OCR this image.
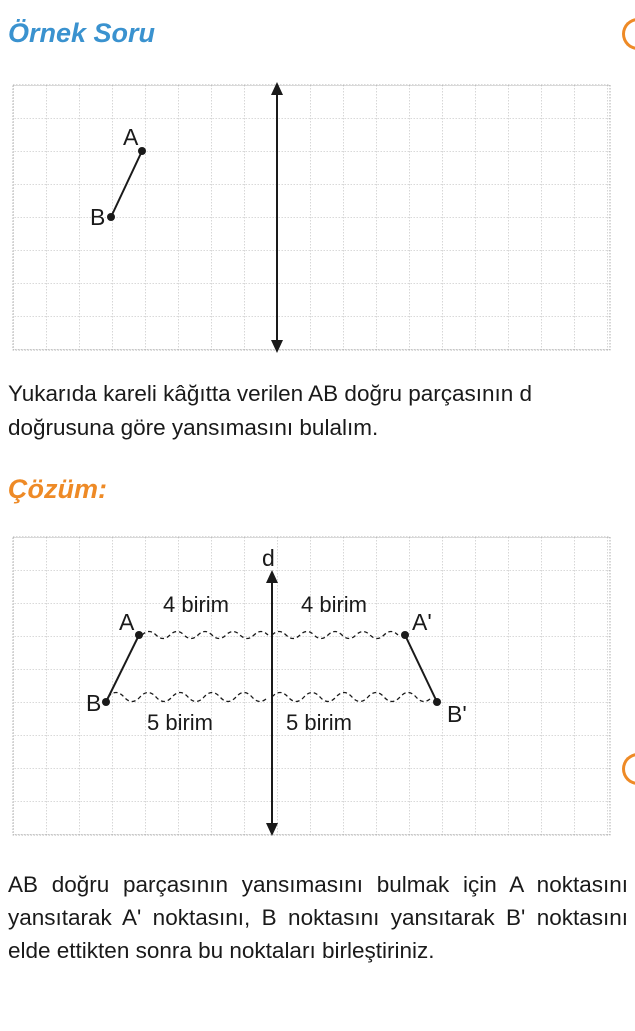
Örnek Soru
A
B

Yukarıda kareli kâğıtta verilen AB doğru parçasının d doğrusuna göre yansımasını bulalım.

Çözüm:
d
A
B
A'
B'
4 birim	4 birim
5 birim	5 birim

AB doğru parçasının yansımasını bulmak için A noktasını yansıtarak A' noktasını, B noktasını yansıtarak B' noktasını elde ettikten sonra bu noktaları birleştiriniz.
